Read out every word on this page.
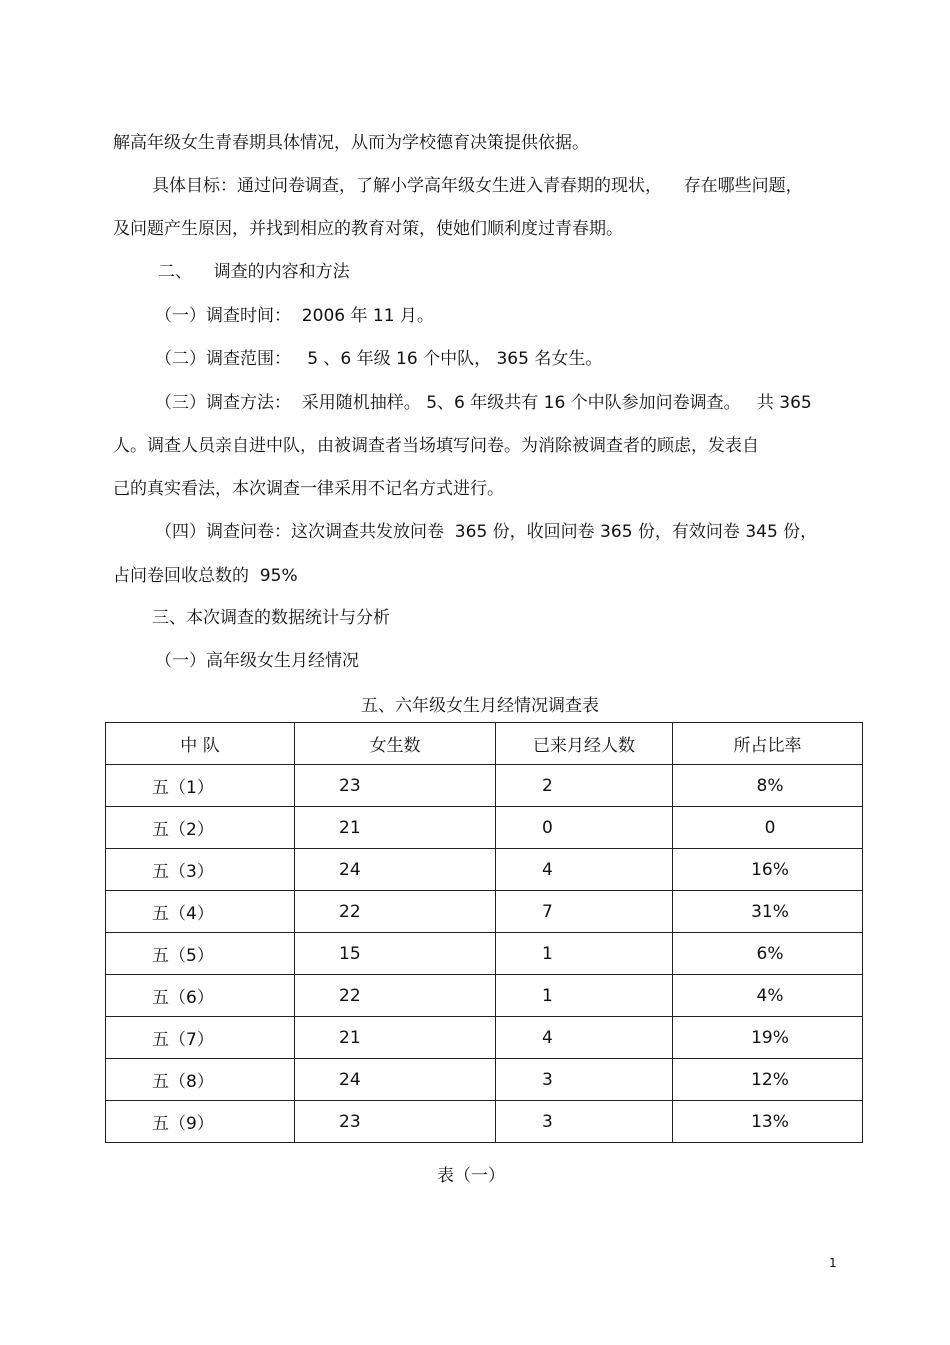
解高年级女生青春期具体情况，从而为学校德育决策提供依据。
具体目标：通过问卷调查，了解小学高年级女生进入青春期的现状，    存在哪些问题，
及问题产生原因，并找到相应的教育对策，使她们顺利度过青春期。
二、    调查的内容和方法
（一）调查时间：  2006 年 11 月。
（二）调查范围：   5 、6 年级 16 个中队， 365 名女生。
（三）调查方法：  采用随机抽样。 5、6 年级共有 16 个中队参加问卷调查。   共 365
人。调查人员亲自进中队，由被调查者当场填写问卷。为消除被调查者的顾虑，发表自
己的真实看法，本次调查一律采用不记名方式进行。
（四）调查问卷：这次调查共发放问卷  365 份，收回问卷 365 份，有效问卷 345 份，
占问卷回收总数的  95%
三、本次调查的数据统计与分析
（一）高年级女生月经情况
五、六年级女生月经情况调查表
中 队	女生数	已来月经人数	所占比率
五（1）	23	2	8%
五（2）	21	0	0
五（3）	24	4	16%
五（4）	22	7	31%
五（5）	15	1	6%
五（6）	22	1	4%
五（7）	21	4	19%
五（8）	24	3	12%
五（9）	23	3	13%
表（一）
1
